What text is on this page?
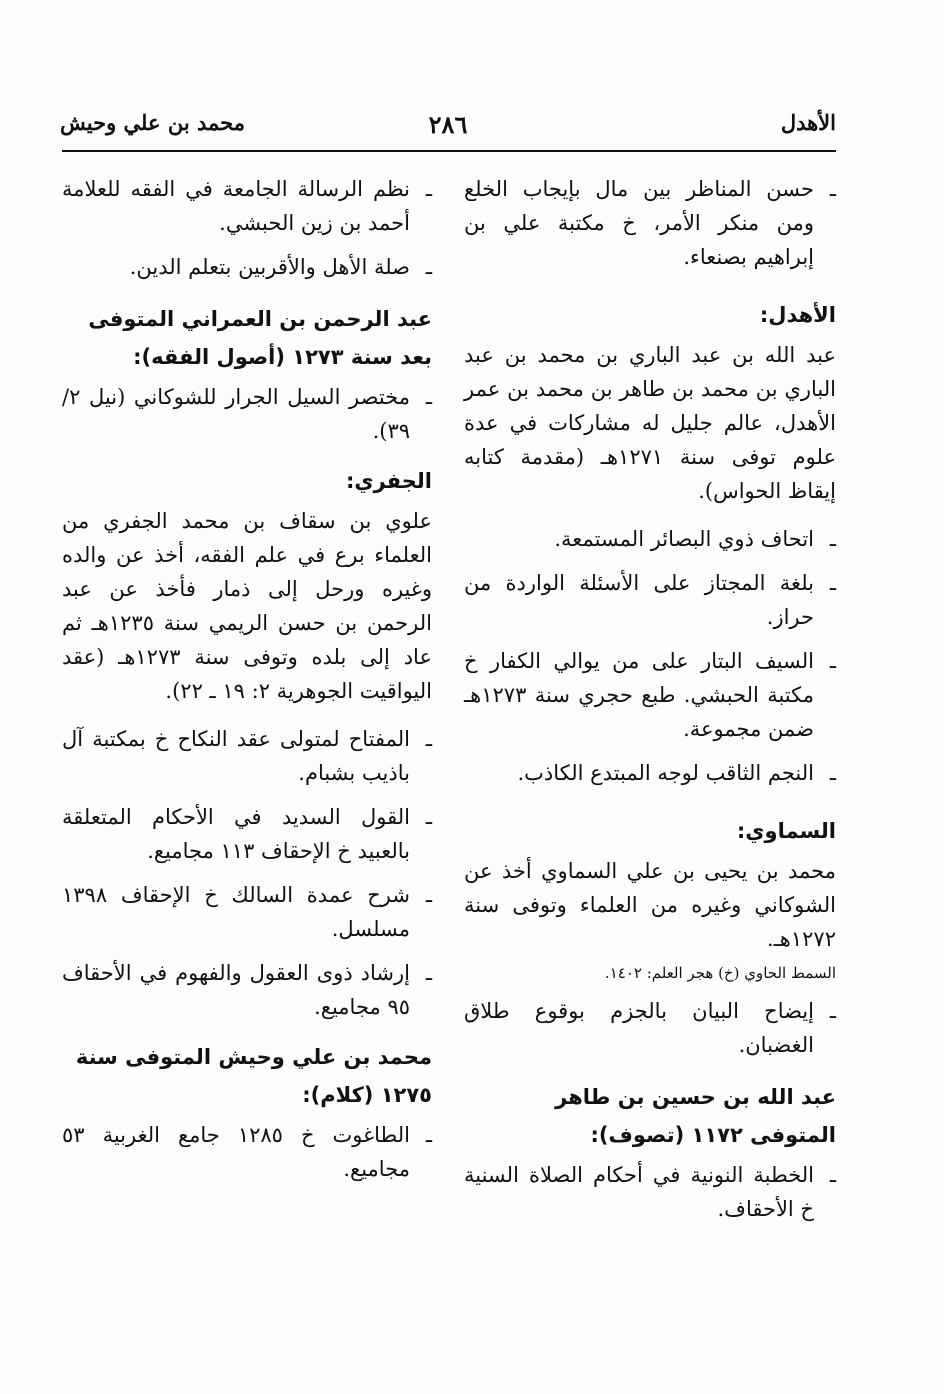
الأهدل
٢٨٦
محمد بن علي وحيش
ـ حسن المناظر بين مال بإيجاب الخلع ومن منكر الأمر، خ مكتبة علي بن إبراهيم بصنعاء.
الأهدل:
عبد الله بن عبد الباري بن محمد بن عبد الباري بن محمد بن طاهر بن محمد بن عمر الأهدل، عالم جليل له مشاركات في عدة علوم توفى سنة ١٢٧١هـ (مقدمة كتابه إيقاظ الحواس).
ـ اتحاف ذوي البصائر المستمعة.
ـ بلغة المجتاز على الأسئلة الواردة من حراز.
ـ السيف البتار على من يوالي الكفار خ مكتبة الحبشي. طبع حجري سنة ١٢٧٣هـ ضمن مجموعة.
ـ النجم الثاقب لوجه المبتدع الكاذب.
السماوي:
محمد بن يحيى بن علي السماوي أخذ عن الشوكاني وغيره من العلماء وتوفى سنة ١٢٧٢هـ.
السمط الحاوي (خ) هجر العلم: ١٤٠٢.
ـ إيضاح البيان بالجزم بوقوع طلاق الغضبان.
عبد الله بن حسين بن طاهر المتوفى ١١٧٢ (تصوف):
ـ الخطبة النونية في أحكام الصلاة السنية خ الأحقاف.
ـ نظم الرسالة الجامعة في الفقه للعلامة أحمد بن زين الحبشي.
ـ صلة الأهل والأقربين بتعلم الدين.
عبد الرحمن بن العمراني المتوفى بعد سنة ١٢٧٣ (أصول الفقه):
ـ مختصر السيل الجرار للشوكاني (نيل ٢/ ٣٩).
الجفري:
علوي بن سقاف بن محمد الجفري من العلماء برع في علم الفقه، أخذ عن والده وغيره ورحل إلى ذمار فأخذ عن عبد الرحمن بن حسن الريمي سنة ١٢٣٥هـ ثم عاد إلى بلده وتوفى سنة ١٢٧٣هـ (عقد اليواقيت الجوهرية ٢: ١٩ ـ ٢٢).
ـ المفتاح لمتولى عقد النكاح خ بمكتبة آل باذيب بشبام.
ـ القول السديد في الأحكام المتعلقة بالعبيد خ الإحقاف ١١٣ مجاميع.
ـ شرح عمدة السالك خ الإحقاف ١٣٩٨ مسلسل.
ـ إرشاد ذوى العقول والفهوم في الأحقاف ٩٥ مجاميع.
محمد بن علي وحيش المتوفى سنة ١٢٧٥ (كلام):
ـ الطاغوت خ ١٢٨٥ جامع الغربية ٥٣ مجاميع.
